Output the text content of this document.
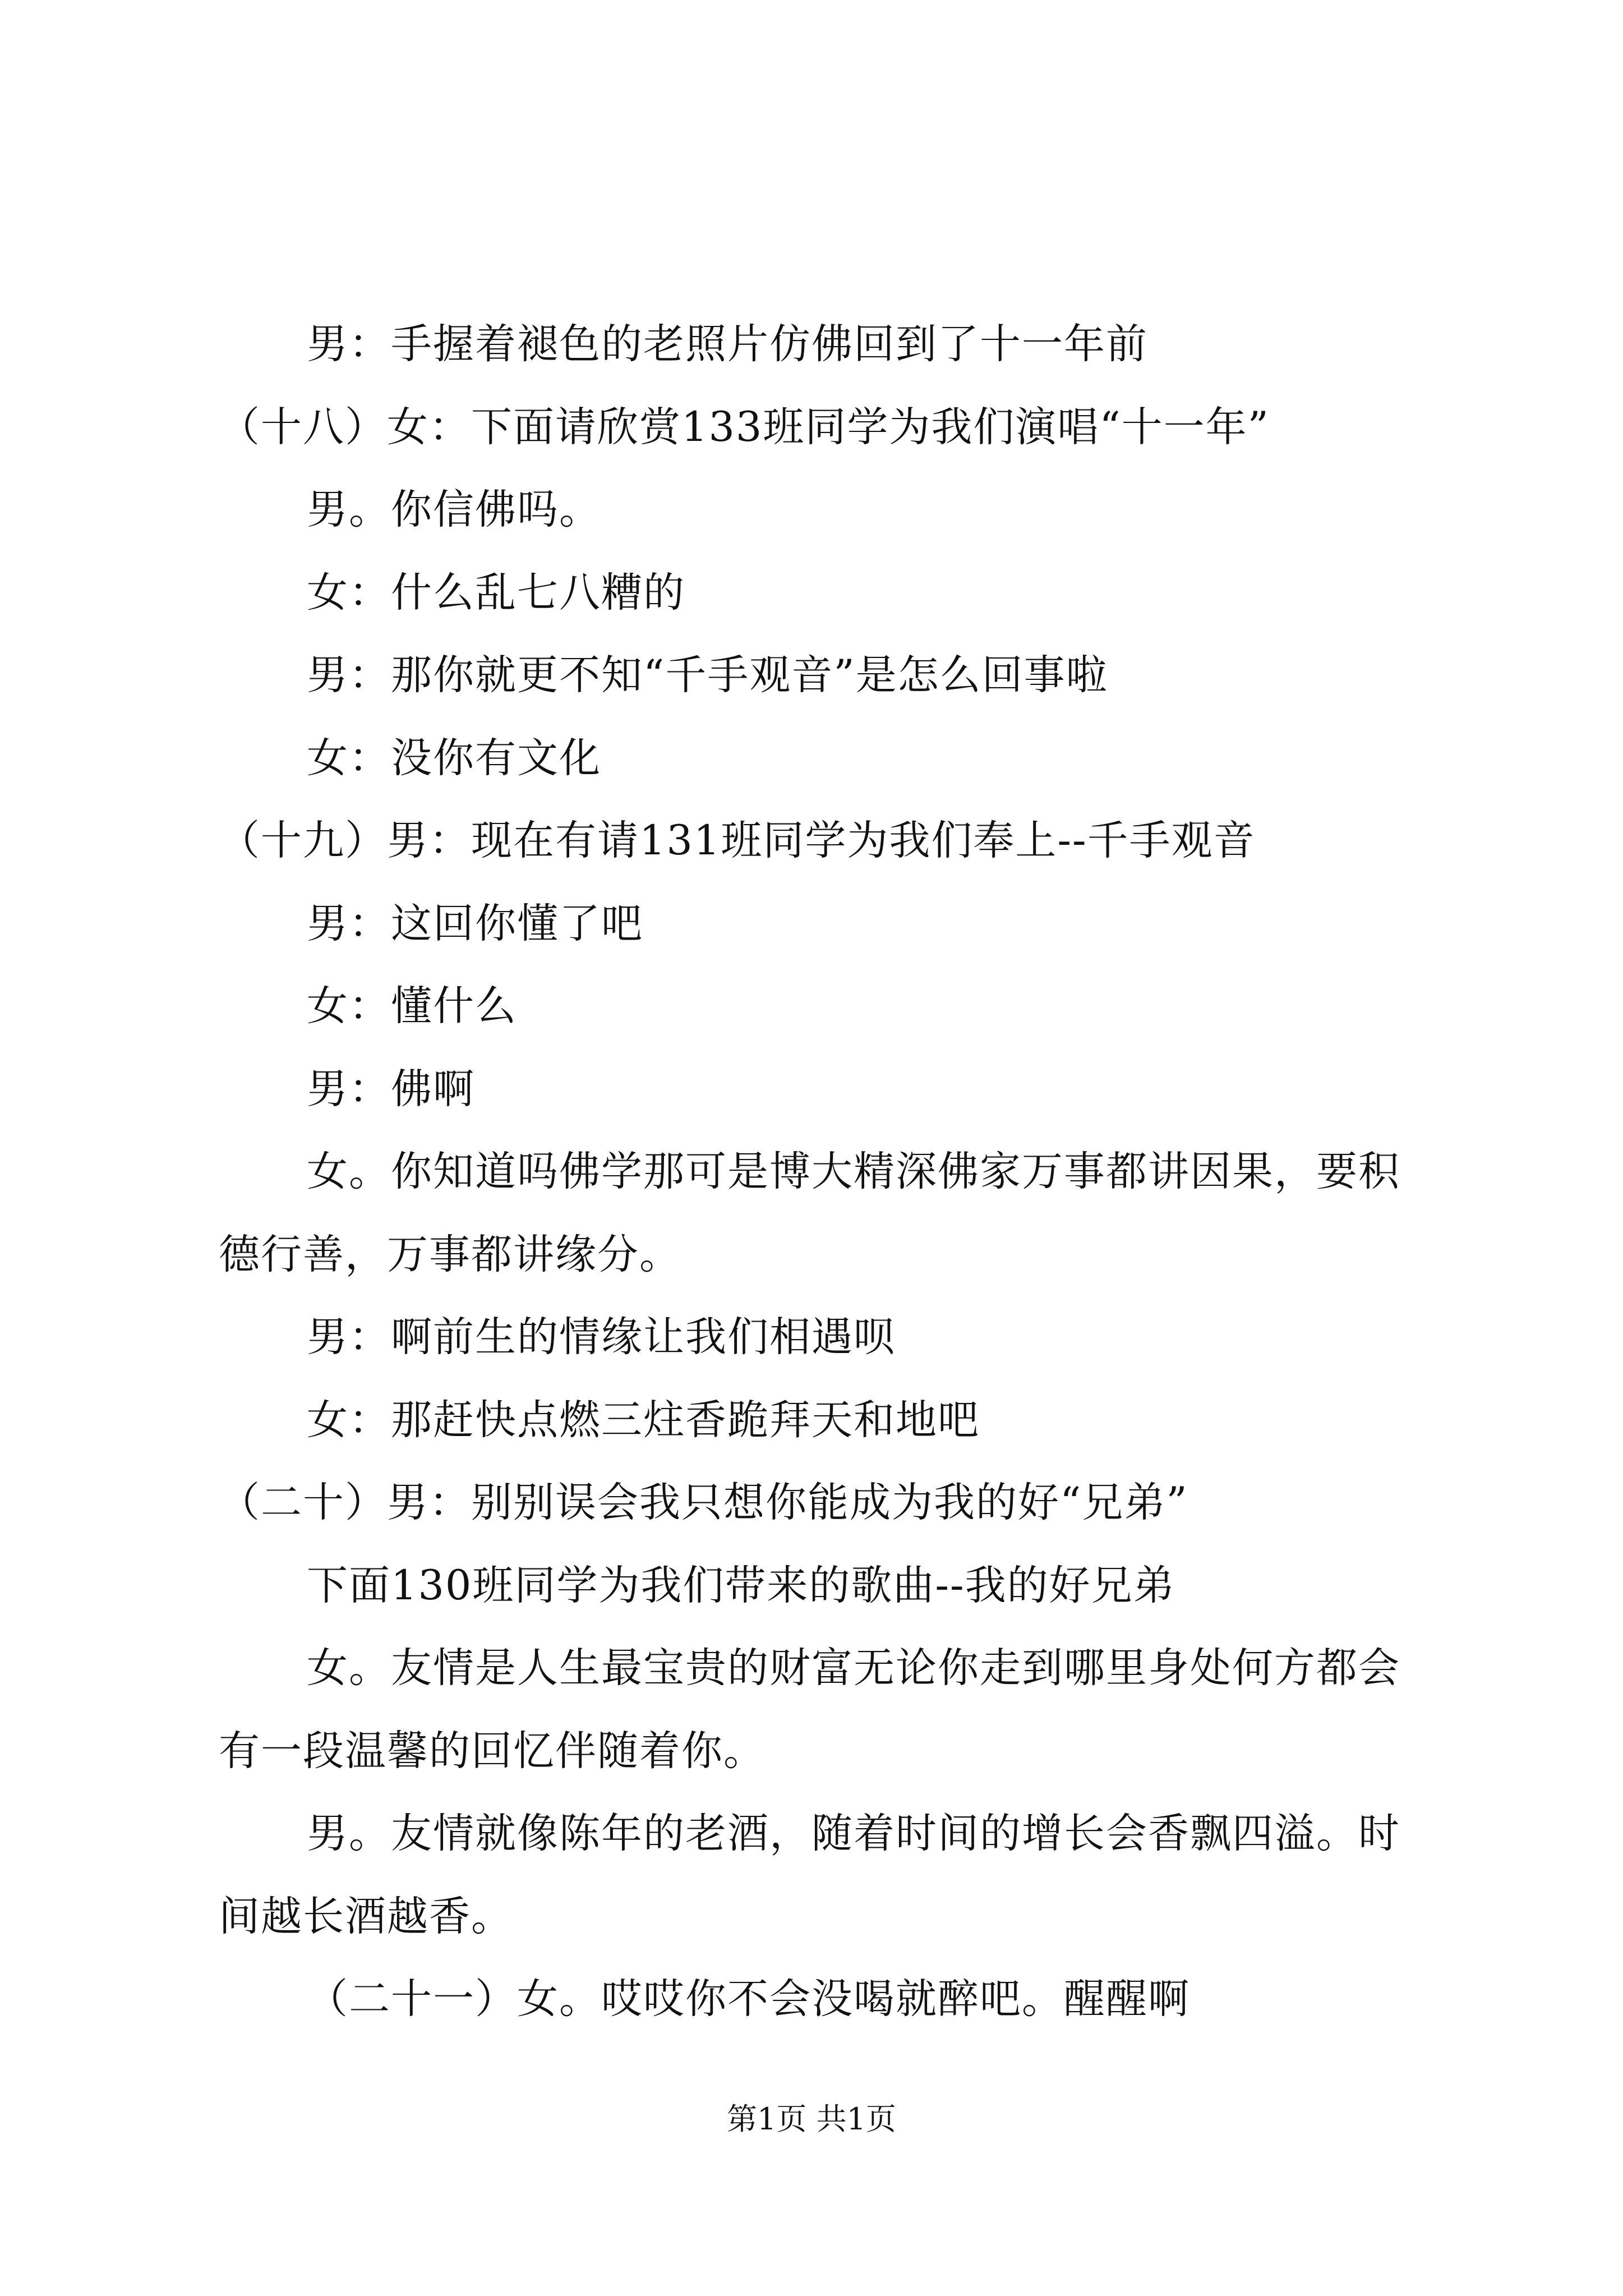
男：手握着褪色的老照片仿佛回到了十一年前
（十八）女：下面请欣赏133班同学为我们演唱“十一年”
男。你信佛吗。
女：什么乱七八糟的
男：那你就更不知“千手观音”是怎么回事啦
女：没你有文化
（十九）男：现在有请131班同学为我们奉上--千手观音
男：这回你懂了吧
女：懂什么
男：佛啊
女。你知道吗佛学那可是博大精深佛家万事都讲因果，要积
德行善，万事都讲缘分。
男：啊前生的情缘让我们相遇呗
女：那赶快点燃三炷香跪拜天和地吧
（二十）男：别别误会我只想你能成为我的好“兄弟”
下面130班同学为我们带来的歌曲--我的好兄弟
女。友情是人生最宝贵的财富无论你走到哪里身处何方都会
有一段温馨的回忆伴随着你。
男。友情就像陈年的老酒，随着时间的增长会香飘四溢。时
间越长酒越香。
（二十一）女。哎哎你不会没喝就醉吧。醒醒啊
第1页 共1页
